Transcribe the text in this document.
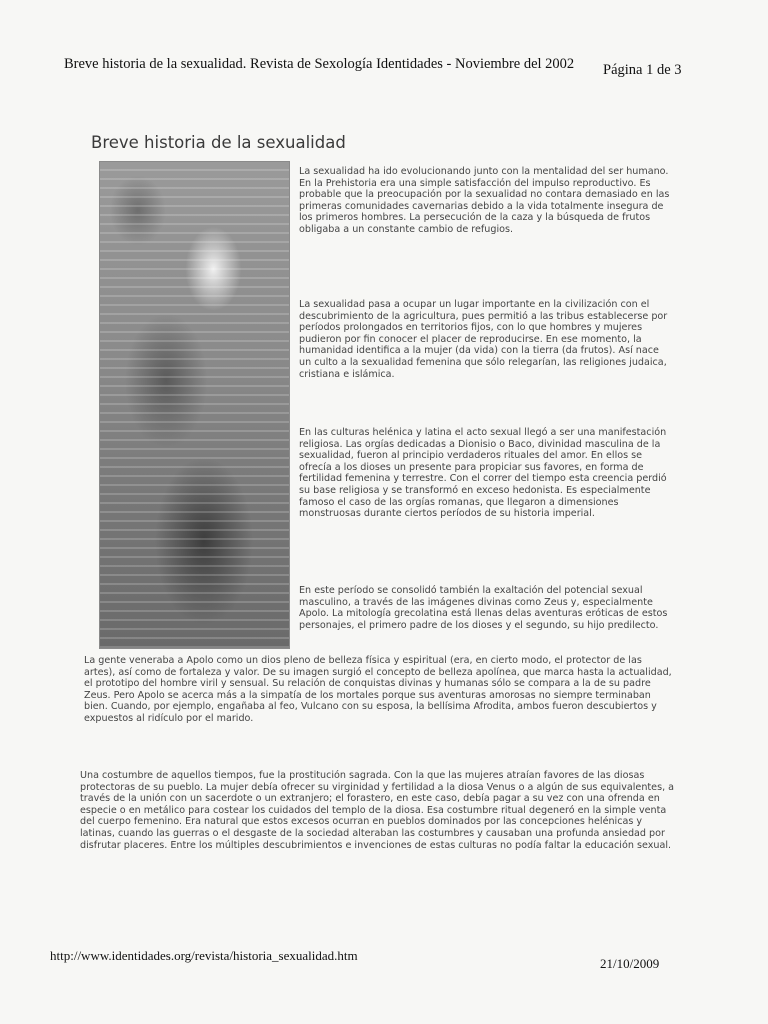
Breve historia de la sexualidad. Revista de Sexología Identidades - Noviembre del 2002	Página 1 de 3
Breve historia de la sexualidad

La sexualidad ha ido evolucionando junto con la mentalidad del ser humano. En la Prehistoria era una simple satisfacción del impulso reproductivo. Es probable que la preocupación por la sexualidad no contara demasiado en las primeras comunidades cavernarias debido a la vida totalmente insegura de los primeros hombres. La persecución de la caza y la búsqueda de frutos obligaba a un constante cambio de refugios.

La sexualidad pasa a ocupar un lugar importante en la civilización con el descubrimiento de la agricultura, pues permitió a las tribus establecerse por períodos prolongados en territorios fijos, con lo que hombres y mujeres pudieron por fin conocer el placer de reproducirse. En ese momento, la humanidad identifica a la mujer (da vida) con la tierra (da frutos). Así nace un culto a la sexualidad femenina que sólo relegarían, las religiones judaica, cristiana e islámica.

En las culturas helénica y latina el acto sexual llegó a ser una manifestación religiosa. Las orgías dedicadas a Dionisio o Baco, divinidad masculina de la sexualidad, fueron al principio verdaderos rituales del amor. En ellos se ofrecía a los dioses un presente para propiciar sus favores, en forma de fertilidad femenina y terrestre. Con el correr del tiempo esta creencia perdió su base religiosa y se transformó en exceso hedonista. Es especialmente famoso el caso de las orgías romanas, que llegaron a dimensiones monstruosas durante ciertos períodos de su historia imperial.

En este período se consolidó también la exaltación del potencial sexual masculino, a través de las imágenes divinas como Zeus y, especialmente Apolo. La mitología grecolatina está llenas delas aventuras eróticas de estos personajes, el primero padre de los dioses y el segundo, su hijo predilecto.

La gente veneraba a Apolo como un dios pleno de belleza física y espiritual (era, en cierto modo, el protector de las artes), así como de fortaleza y valor. De su imagen surgió el concepto de belleza apolínea, que marca hasta la actualidad, el prototipo del hombre viril y sensual. Su relación de conquistas divinas y humanas sólo se compara a la de su padre Zeus. Pero Apolo se acerca más a la simpatía de los mortales porque sus aventuras amorosas no siempre terminaban bien. Cuando, por ejemplo, engañaba al feo, Vulcano con su esposa, la bellísima Afrodita, ambos fueron descubiertos y expuestos al ridículo por el marido.

Una costumbre de aquellos tiempos, fue la prostitución sagrada. Con la que las mujeres atraían favores de las diosas protectoras de su pueblo. La mujer debía ofrecer su virginidad y fertilidad a la diosa Venus o a algún de sus equivalentes, a través de la unión con un sacerdote o un extranjero; el forastero, en este caso, debía pagar a su vez con una ofrenda en especie o en metálico para costear los cuidados del templo de la diosa. Esa costumbre ritual degeneró en la simple venta del cuerpo femenino. Era natural que estos excesos ocurran en pueblos dominados por las concepciones helénicas y latinas, cuando las guerras o el desgaste de la sociedad alteraban las costumbres y causaban una profunda ansiedad por disfrutar placeres. Entre los múltiples descubrimientos e invenciones de estas culturas no podía faltar la educación sexual.

http://www.identidades.org/revista/historia_sexualidad.htm
21/10/2009
